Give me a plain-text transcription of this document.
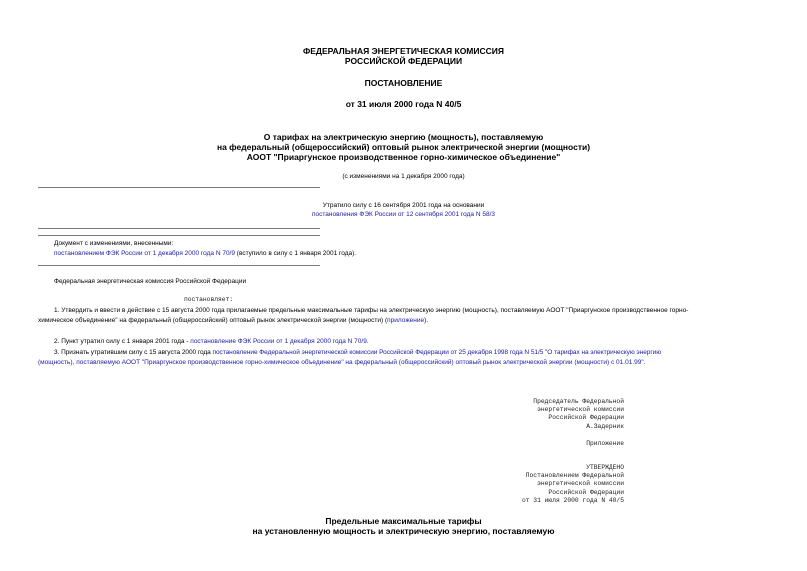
ФЕДЕРАЛЬНАЯ ЭНЕРГЕТИЧЕСКАЯ КОМИССИЯ
РОССИЙСКОЙ ФЕДЕРАЦИИ
ПОСТАНОВЛЕНИЕ
от 31 июля 2000 года N 40/5
О тарифах на электрическую энергию (мощность), поставляемую
на федеральный (общероссийский) оптовый рынок электрической энергии (мощности)
АООТ "Приаргунское производственное горно-химическое объединение"
(с изменениями на 1 декабря 2000 года)
Утратило силу с 16 сентября 2001 года на основании
постановления ФЭК России от 12 сентября 2001 года N 58/3
Документ с изменениями, внесенными:
постановлением ФЭК России от 1 декабря 2000 года N 70/9 (вступило в силу с 1 января 2001 года).
Федеральная энергетическая комиссия Российской Федерации
постановляет:
1. Утвердить и ввести в действие с 15 августа 2000 года прилагаемые предельные максимальные тарифы на электрическую энергию (мощность), поставляемую АООТ "Приаргунское производственное горно-
химическое объединение" на федеральный (общероссийский) оптовый рынок электрической энергии (мощности) (приложение).
2. Пункт утратил силу с 1 января 2001 года - постановление ФЭК России от 1 декабря 2000 года N 70/9.
3. Признать утратившим силу с 15 августа 2000 года постановление Федеральной энергетической комиссии Российской Федерации от 25 декабря 1998 года N 51/5 "О тарифах на электрическую энергию
(мощность), поставляемую АООТ "Приаргунское производственное горно-химическое объединение" на федеральный (общероссийский) оптовый рынок электрической энергии (мощности) с 01.01.99".
Председатель Федеральной
энергетической комиссии
Российской Федерации
А.Задерник
Приложение
УТВЕРЖДЕНО
Постановлением Федеральной
энергетической комиссии
Российской Федерации
от 31 июля 2000 года N 40/5
Предельные максимальные тарифы
на установленную мощность и электрическую энергию, поставляемую
